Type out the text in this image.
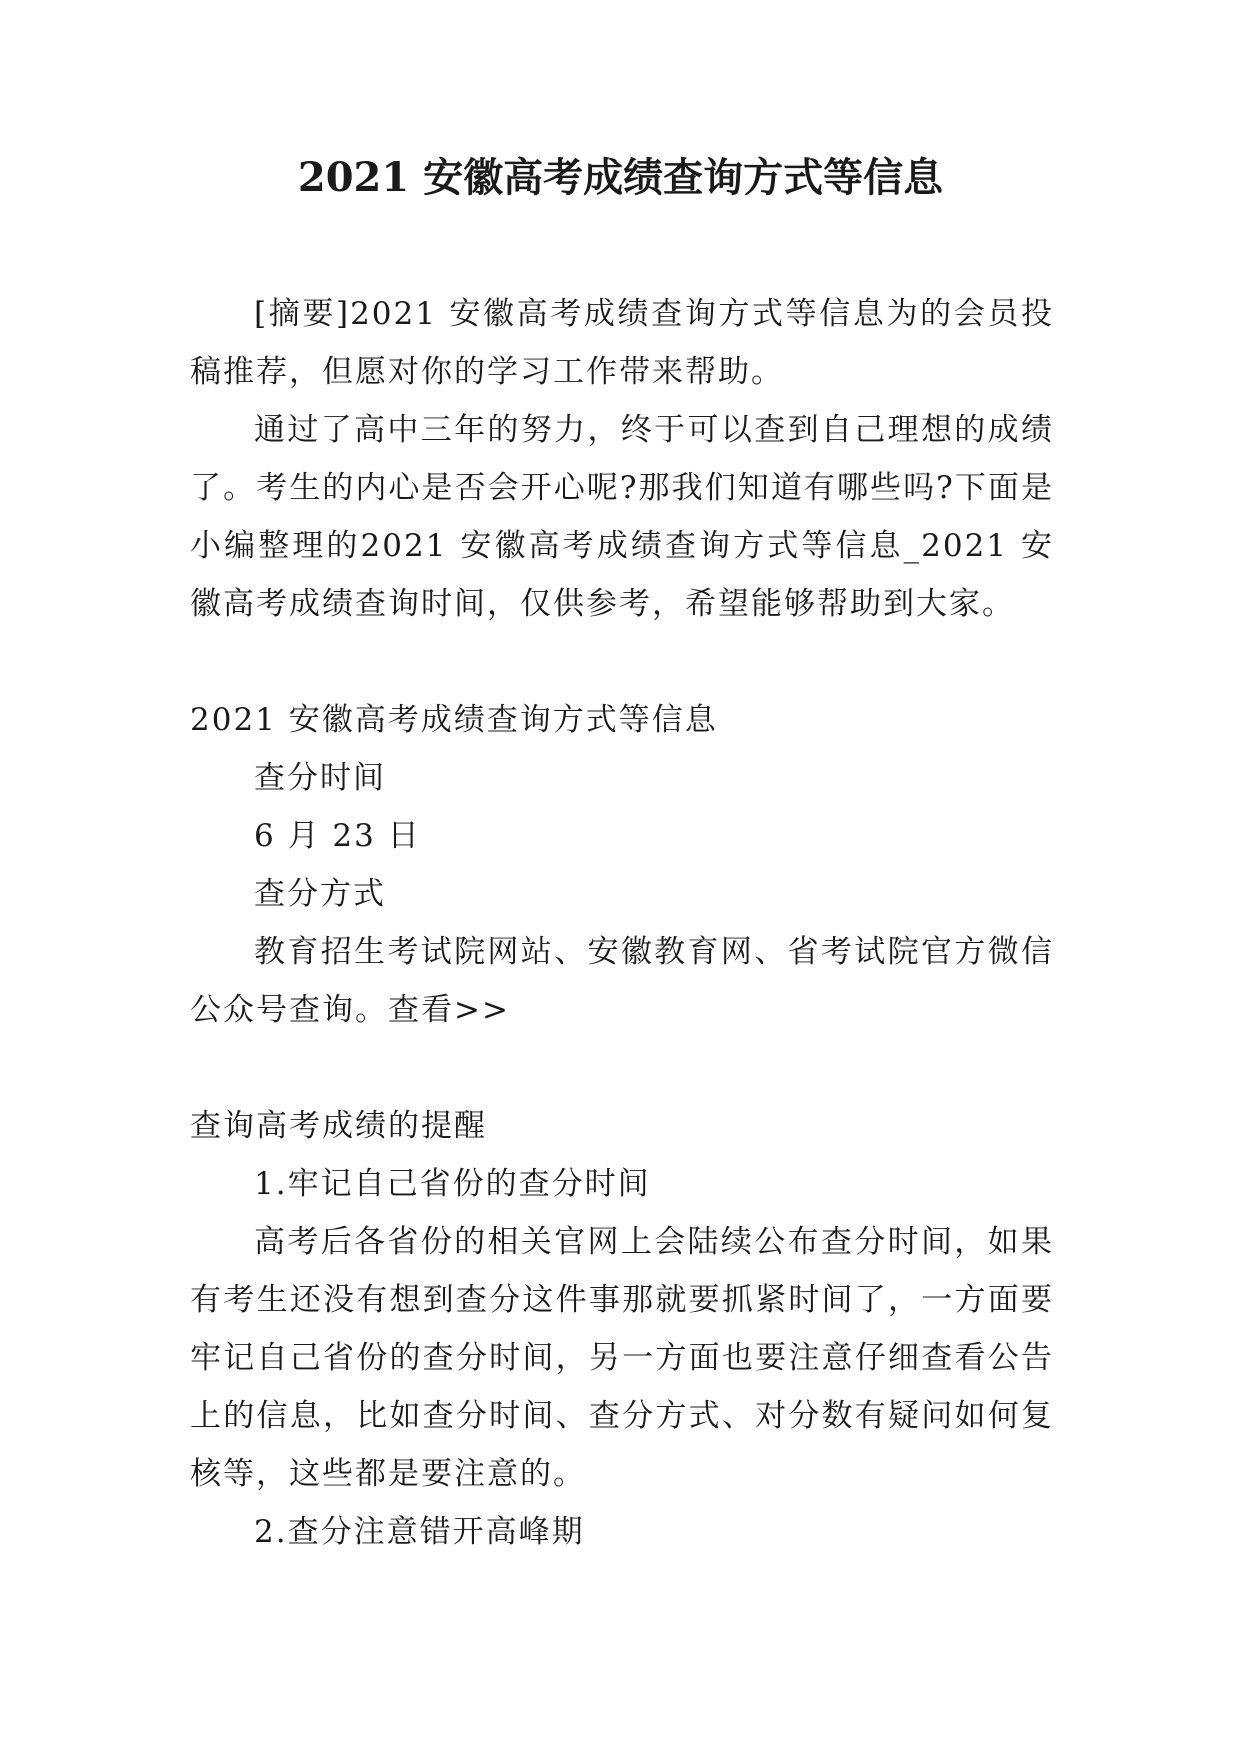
2021 安徽高考成绩查询方式等信息

[摘要]2021 安徽高考成绩查询方式等信息为的会员投稿推荐，但愿对你的学习工作带来帮助。

通过了高中三年的努力，终于可以查到自己理想的成绩了。考生的内心是否会开心呢?那我们知道有哪些吗?下面是小编整理的2021 安徽高考成绩查询方式等信息_2021 安徽高考成绩查询时间，仅供参考，希望能够帮助到大家。

2021 安徽高考成绩查询方式等信息

查分时间

6 月 23 日

查分方式

教育招生考试院网站、安徽教育网、省考试院官方微信公众号查询。查看>>

查询高考成绩的提醒

1.牢记自己省份的查分时间

高考后各省份的相关官网上会陆续公布查分时间，如果有考生还没有想到查分这件事那就要抓紧时间了，一方面要牢记自己省份的查分时间，另一方面也要注意仔细查看公告上的信息，比如查分时间、查分方式、对分数有疑问如何复核等，这些都是要注意的。

2.查分注意错开高峰期
